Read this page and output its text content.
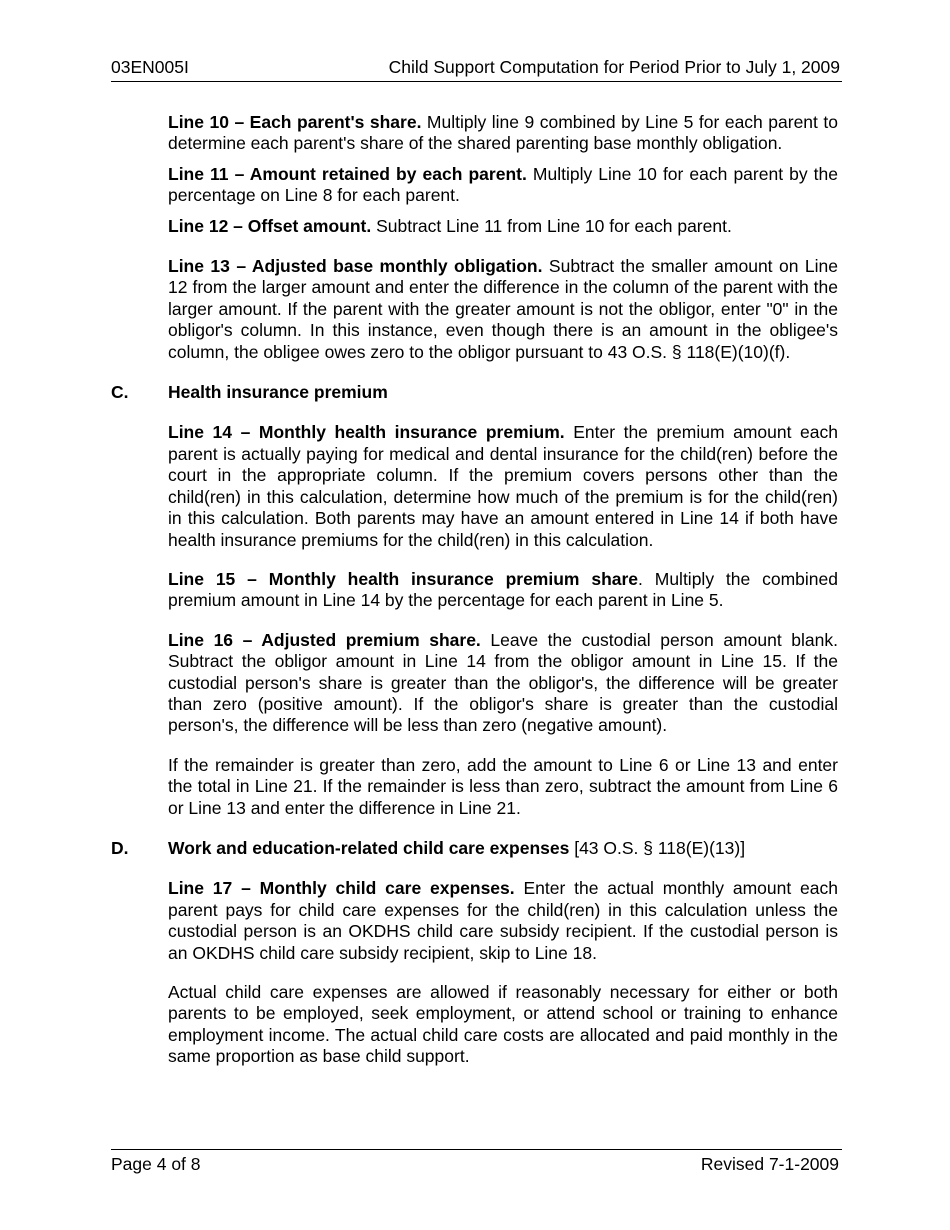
03EN005I	Child Support Computation for Period Prior to July 1, 2009

Line 10 – Each parent's share. Multiply line 9 combined by Line 5 for each parent to determine each parent's share of the shared parenting base monthly obligation.

Line 11 – Amount retained by each parent. Multiply Line 10 for each parent by the percentage on Line 8 for each parent.

Line 12 – Offset amount. Subtract Line 11 from Line 10 for each parent.

Line 13 – Adjusted base monthly obligation. Subtract the smaller amount on Line 12 from the larger amount and enter the difference in the column of the parent with the larger amount. If the parent with the greater amount is not the obligor, enter "0" in the obligor's column. In this instance, even though there is an amount in the obligee's column, the obligee owes zero to the obligor pursuant to 43 O.S. § 118(E)(10)(f).

C.	Health insurance premium

Line 14 – Monthly health insurance premium. Enter the premium amount each parent is actually paying for medical and dental insurance for the child(ren) before the court in the appropriate column. If the premium covers persons other than the child(ren) in this calculation, determine how much of the premium is for the child(ren) in this calculation. Both parents may have an amount entered in Line 14 if both have health insurance premiums for the child(ren) in this calculation.

Line 15 – Monthly health insurance premium share. Multiply the combined premium amount in Line 14 by the percentage for each parent in Line 5.

Line 16 – Adjusted premium share. Leave the custodial person amount blank. Subtract the obligor amount in Line 14 from the obligor amount in Line 15. If the custodial person's share is greater than the obligor's, the difference will be greater than zero (positive amount). If the obligor's share is greater than the custodial person's, the difference will be less than zero (negative amount).

If the remainder is greater than zero, add the amount to Line 6 or Line 13 and enter the total in Line 21. If the remainder is less than zero, subtract the amount from Line 6 or Line 13 and enter the difference in Line 21.

D.	Work and education-related child care expenses [43 O.S. § 118(E)(13)]

Line 17 – Monthly child care expenses. Enter the actual monthly amount each parent pays for child care expenses for the child(ren) in this calculation unless the custodial person is an OKDHS child care subsidy recipient. If the custodial person is an OKDHS child care subsidy recipient, skip to Line 18.

Actual child care expenses are allowed if reasonably necessary for either or both parents to be employed, seek employment, or attend school or training to enhance employment income. The actual child care costs are allocated and paid monthly in the same proportion as base child support.

Page 4 of 8	Revised 7-1-2009
